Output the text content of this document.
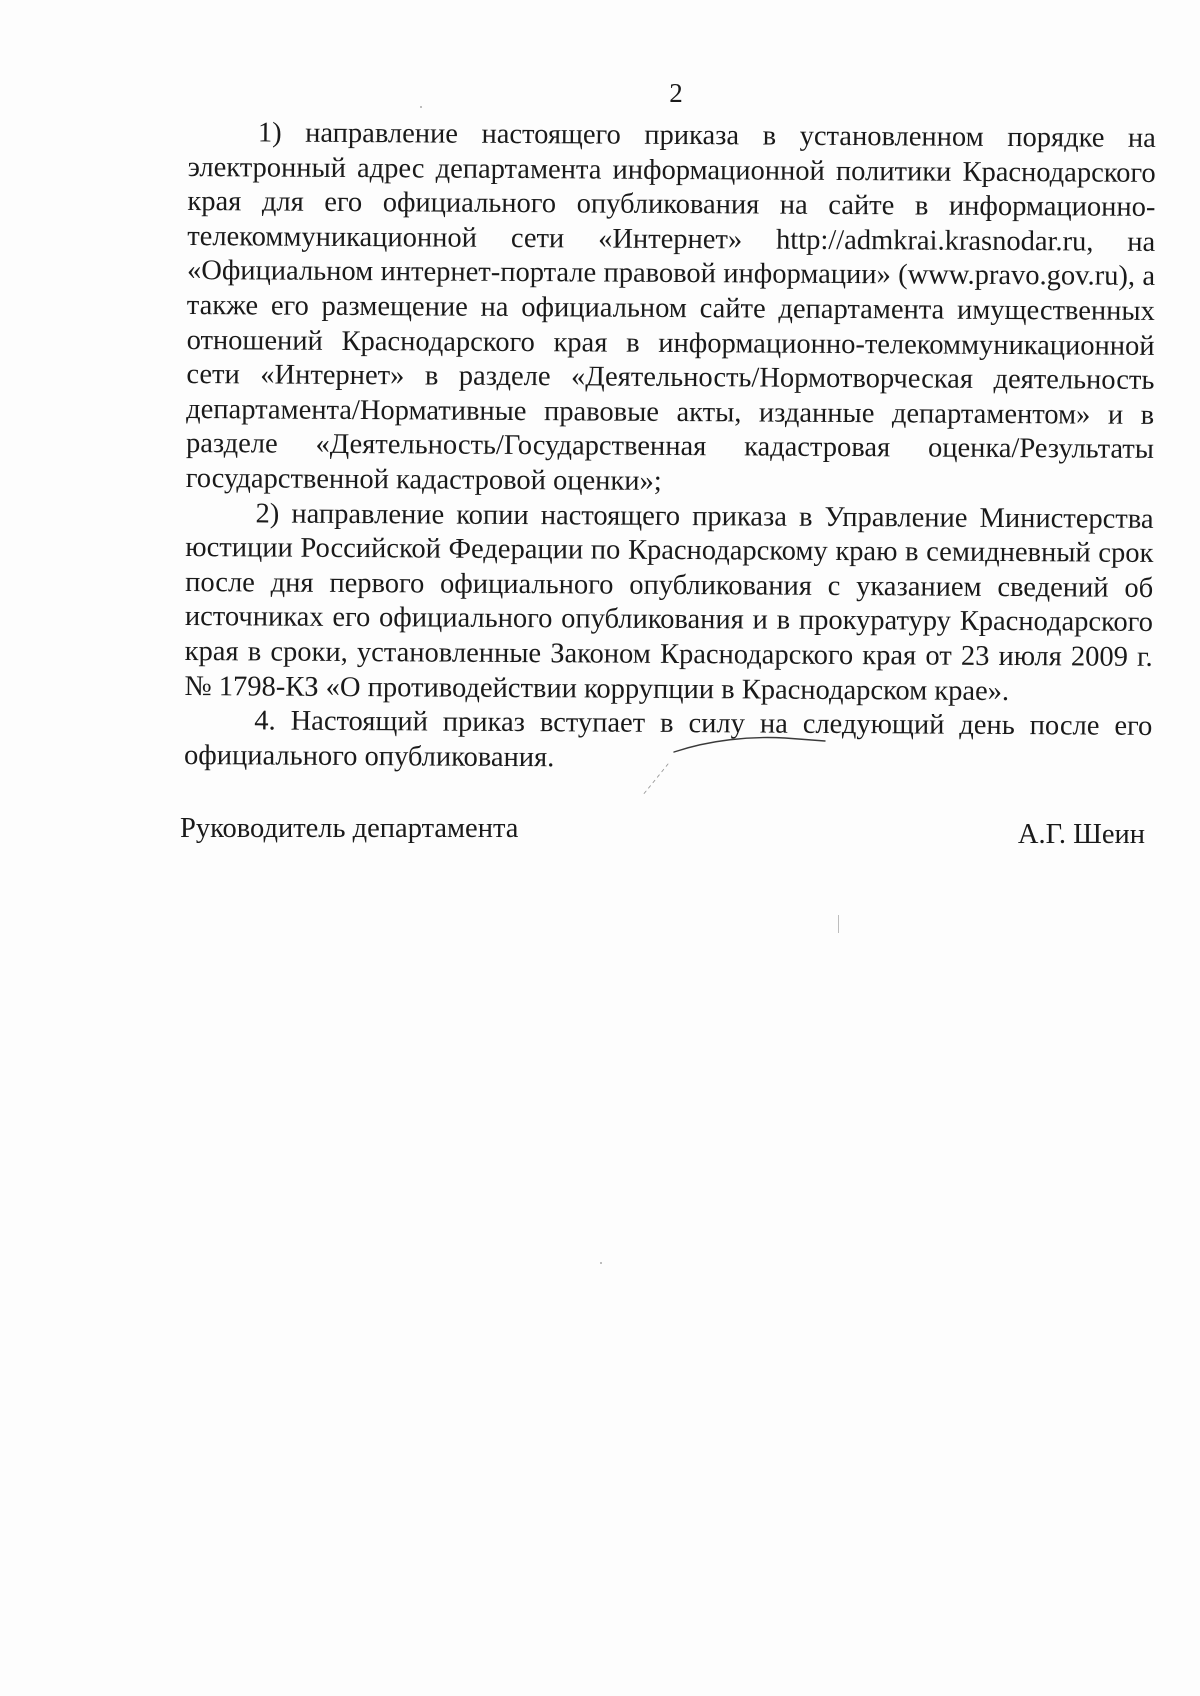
2

1) направление настоящего приказа в установленном порядке на электронный адрес департамента информационной политики Краснодарского края для его официального опубликования на сайте в информационно-телекоммуникационной сети «Интернет» http://admkrai.krasnodar.ru, на «Официальном интернет-портале правовой информации» (www.pravo.gov.ru), а также его размещение на официальном сайте департамента имущественных отношений Краснодарского края в информационно-телекоммуникационной сети «Интернет» в разделе «Деятельность/Нормотворческая деятельность департамента/Нормативные правовые акты, изданные департаментом» и в разделе «Деятельность/Государственная кадастровая оценка/Результаты государственной кадастровой оценки»;

2) направление копии настоящего приказа в Управление Министерства юстиции Российской Федерации по Краснодарскому краю в семидневный срок после дня первого официального опубликования с указанием сведений об источниках его официального опубликования и в прокуратуру Краснодарского края в сроки, установленные Законом Краснодарского края от 23 июля 2009 г. № 1798-КЗ «О противодействии коррупции в Краснодарском крае».

4. Настоящий приказ вступает в силу на следующий день после его официального опубликования.

Руководитель департамента	А.Г. Шеин
